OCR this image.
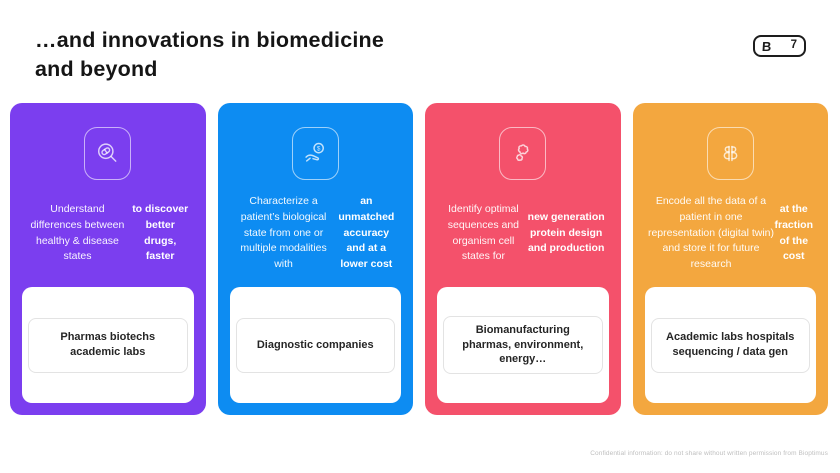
…and innovations in biomedicine
and beyond
B 7

Understand differences between healthy & disease states
to discover better drugs, faster

Pharmas biotechs academic labs
$

Characterize a patient’s biological state from one or multiple modalities with
an unmatched accuracy and at a lower cost

Diagnostic companies

Identify optimal sequences and organism cell states for
new generation protein design and production

Biomanufacturing pharmas, environment, energy…

Encode all the data of a patient in one representation (digital twin) and store it for future research
at the fraction of the cost

Academic labs hospitals sequencing / data gen
Confidential information: do not share without written permission from Bioptimus
